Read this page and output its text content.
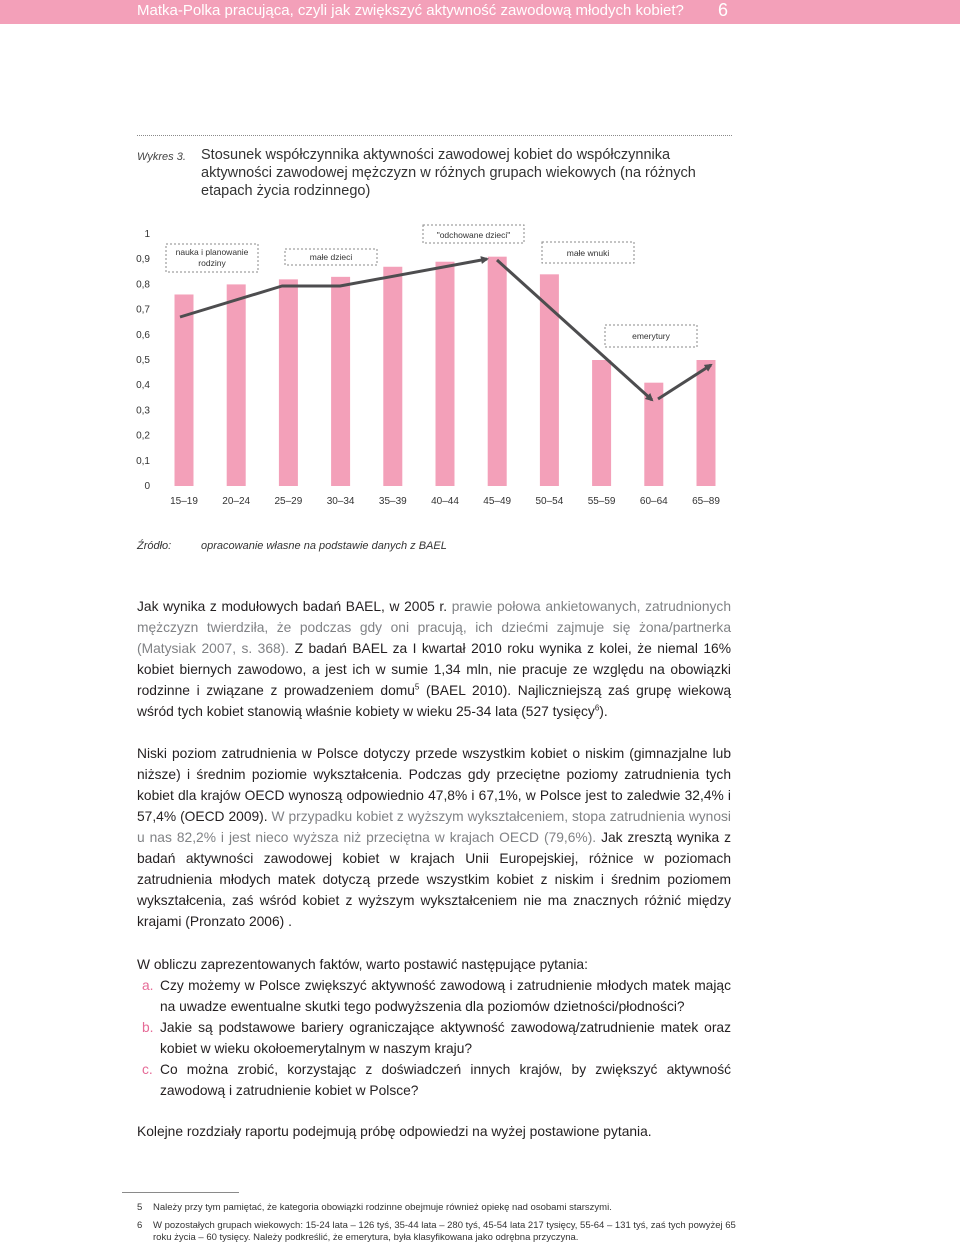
Matka-Polka pracująca, czyli jak zwiększyć aktywność zawodową młodych kobiet? 6
Wykres 3. Stosunek współczynnika aktywności zawodowej kobiet do współczynnika aktywności zawodowej mężczyzn w różnych grupach wiekowych (na różnych etapach życia rodzinnego)
0
0,1
0,2
0,3
0,4
0,5
0,6
0,7
0,8
0,9
1
15–19 20–24 25–29 30–34 35–39 40–44 45–49 50–54 55–59 60–64 65–89
nauka i planowanie
rodziny
małe dzieci
"odchowane dzieci"
małe wnuki
emerytury
Źródło:	opracowanie własne na podstawie danych z BAEL
Jak wynika z modułowych badań BAEL, w 2005 r. prawie połowa ankietowanych, zatrudnionych mężczyzn twierdziła, że podczas gdy oni pracują, ich dziećmi zajmuje się żona/partnerka (Matysiak 2007, s. 368). Z badań BAEL za I kwartał 2010 roku wynika z kolei, że niemal 16% kobiet biernych zawodowo, a jest ich w sumie 1,34 mln, nie pracuje ze względu na obowiązki rodzinne i związane z prowadzeniem domu$^5$ (BAEL 2010). Najliczniejszą zaś grupę wiekową wśród tych kobiet stanowią właśnie kobiety w wieku 25-34 lata (527 tysięcy$^6$).
Niski poziom zatrudnienia w Polsce dotyczy przede wszystkim kobiet o niskim (gimnazjalne lub niższe) i średnim poziomie wykształcenia. Podczas gdy przeciętne poziomy zatrudnienia tych kobiet dla krajów OECD wynoszą odpowiednio 47,8% i 67,1%, w Polsce jest to zaledwie 32,4% i 57,4% (OECD 2009). W przypadku kobiet z wyższym wykształceniem, stopa zatrudnienia wynosi u nas 82,2% i jest nieco wyższa niż przeciętna w krajach OECD (79,6%). Jak zresztą wynika z badań aktywności zawodowej kobiet w krajach Unii Europejskiej, różnice w poziomach zatrudnienia młodych matek dotyczą przede wszystkim kobiet z niskim i średnim poziomem wykształcenia, zaś wśród kobiet z wyższym wykształceniem nie ma znacznych różnić między krajami (Pronzato 2006) .
W obliczu zaprezentowanych faktów, warto postawić następujące pytania:
a. Czy możemy w Polsce zwiększyć aktywność zawodową i zatrudnienie młodych matek mając na uwadze ewentualne skutki tego podwyższenia dla poziomów dzietności/płodności?
b. Jakie są podstawowe bariery ograniczające aktywność zawodową/zatrudnienie matek oraz kobiet w wieku okołoemerytalnym w naszym kraju?
c. Co można zrobić, korzystając z doświadczeń innych krajów, by zwiększyć aktywność zawodową i zatrudnienie kobiet w Polsce?
Kolejne rozdziały raportu podejmują próbę odpowiedzi na wyżej postawione pytania.
5 Należy przy tym pamiętać, że kategoria obowiązki rodzinne obejmuje również opiekę nad osobami starszymi.
6 W pozostałych grupach wiekowych: 15-24 lata – 126 tyś, 35-44 lata – 280 tyś, 45-54 lata 217 tysięcy, 55-64 – 131 tyś, zaś tych powyżej 65 roku życia – 60 tysięcy. Należy podkreślić, że emerytura, była klasyfikowana jako odrębna przyczyna.
